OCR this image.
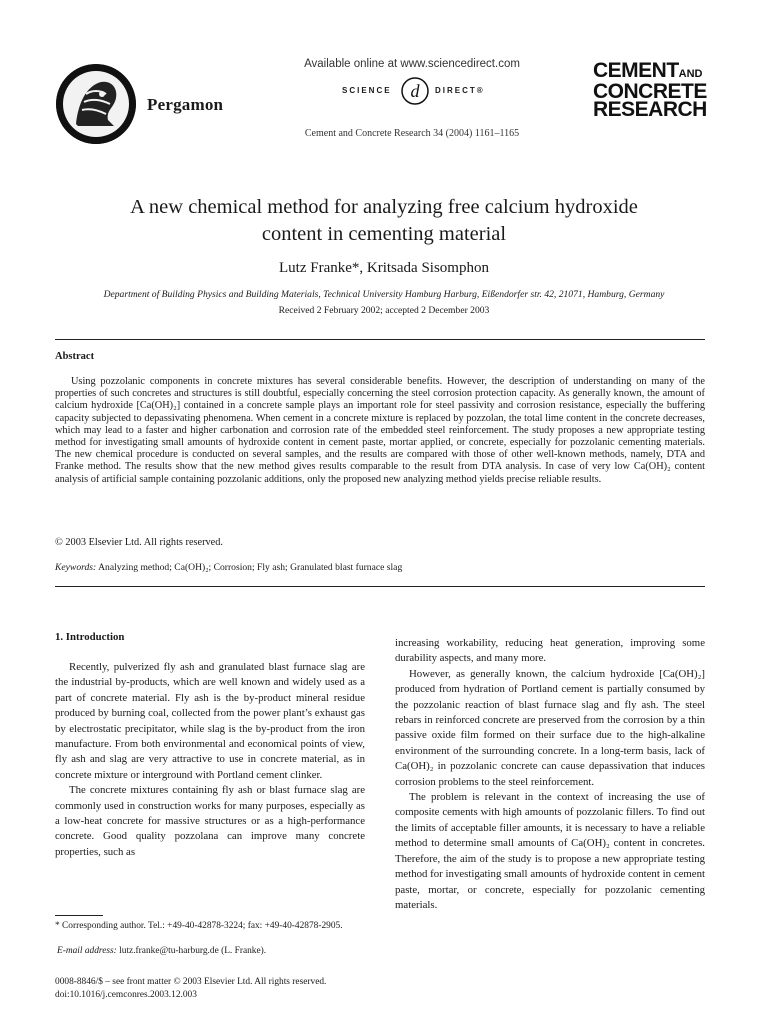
Pergamon
Available online at www.sciencedirect.com
SCIENCE d DIRECT®
Cement and Concrete Research 34 (2004) 1161–1165
CEMENTAND
CONCRETE
RESEARCH
A new chemical method for analyzing free calcium hydroxide
content in cementing material
Lutz Franke*, Kritsada Sisomphon
Department of Building Physics and Building Materials, Technical University Hamburg Harburg, Eißendorfer str. 42, 21071, Hamburg, Germany
Received 2 February 2002; accepted 2 December 2003
Abstract
Using pozzolanic components in concrete mixtures has several considerable benefits. However, the description of understanding on many of the properties of such concretes and structures is still doubtful, especially concerning the steel corrosion protection capacity. As generally known, the amount of calcium hydroxide [Ca(OH)₂] contained in a concrete sample plays an important role for steel passivity and corrosion resistance, especially the buffering capacity subjected to depassivating phenomena. When cement in a concrete mixture is replaced by pozzolan, the total lime content in the concrete decreases, which may lead to a faster and higher carbonation and corrosion rate of the embedded steel reinforcement. The study proposes a new appropriate testing method for investigating small amounts of hydroxide content in cement paste, mortar applied, or concrete, especially for pozzolanic cementing materials. The new chemical procedure is conducted on several samples, and the results are compared with those of other well-known methods, namely, DTA and Franke method. The results show that the new method gives results comparable to the result from DTA analysis. In case of very low Ca(OH)₂ content analysis of artificial sample containing pozzolanic additions, only the proposed new analyzing method yields precise reliable results.
© 2003 Elsevier Ltd. All rights reserved.
Keywords: Analyzing method; Ca(OH)₂; Corrosion; Fly ash; Granulated blast furnace slag
1. Introduction

Recently, pulverized fly ash and granulated blast furnace slag are the industrial by-products, which are well known and widely used as a part of concrete material. Fly ash is the by-product mineral residue produced by burning coal, collected from the power plant’s exhaust gas by electrostatic precipitator, while slag is the by-product from the iron manufacture. From both environmental and economical points of view, fly ash and slag are very attractive to use in concrete material, as in concrete mixture or interground with Portland cement clinker.

The concrete mixtures containing fly ash or blast furnace slag are commonly used in construction works for many purposes, especially as a low-heat concrete for massive structures or as a high-performance concrete. Good quality pozzolana can improve many concrete properties, such as

* Corresponding author. Tel.: +49-40-42878-3224; fax: +49-40-42878-2905.
E-mail address: lutz.franke@tu-harburg.de (L. Franke).
0008-8846/$ – see front matter © 2003 Elsevier Ltd. All rights reserved.
doi:10.1016/j.cemconres.2003.12.003

increasing workability, reducing heat generation, improving some durability aspects, and many more.

However, as generally known, the calcium hydroxide [Ca(OH)₂] produced from hydration of Portland cement is partially consumed by the pozzolanic reaction of blast furnace slag and fly ash. The steel rebars in reinforced concrete are preserved from the corrosion by a thin passive oxide film formed on their surface due to the high-alkaline environment of the surrounding concrete. In a long-term basis, lack of Ca(OH)₂ in pozzolanic concrete can cause depassivation that induces corrosion problems to the steel reinforcement.

The problem is relevant in the context of increasing the use of composite cements with high amounts of pozzolanic fillers. To find out the limits of acceptable filler amounts, it is necessary to have a reliable method to determine small amounts of Ca(OH)₂ content in concretes. Therefore, the aim of the study is to propose a new appropriate testing method for investigating small amounts of hydroxide content in cement paste, mortar, or concrete, especially for pozzolanic cementing materials.
